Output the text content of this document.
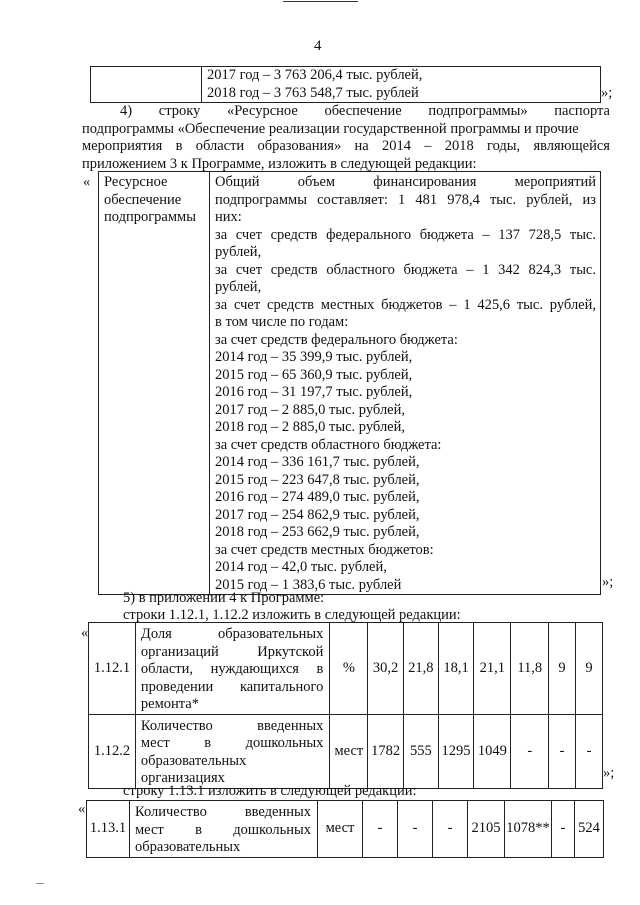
4

2017 год – 3 763 206,4 тыс. рублей,
2018 год – 3 763 548,7 тыс. рублей	»;
4) строку «Ресурсное обеспечение подпрограммы» паспорта
подпрограммы «Обеспечение реализации государственной программы и прочие
мероприятия в области образования» на 2014 – 2018 годы, являющейся
приложением 3 к Программе, изложить в следующей редакции:
« Ресурсное
обеспечение
подпрограммы

Общий объем финансирования мероприятий
подпрограммы составляет: 1 481 978,4 тыс. рублей, из
них:
за счет средств федерального бюджета – 137 728,5 тыс.
рублей,
за счет средств областного бюджета – 1 342 824,3 тыс.
рублей,
за счет средств местных бюджетов – 1 425,6 тыс. рублей,
в том числе по годам:
за счет средств федерального бюджета:
2014 год – 35 399,9 тыс. рублей,
2015 год – 65 360,9 тыс. рублей,
2016 год – 31 197,7 тыс. рублей,
2017 год – 2 885,0 тыс. рублей,
2018 год – 2 885,0 тыс. рублей,
за счет средств областного бюджета:
2014 год – 336 161,7 тыс. рублей,
2015 год – 223 647,8 тыс. рублей,
2016 год – 274 489,0 тыс. рублей,
2017 год – 254 862,9 тыс. рублей,
2018 год – 253 662,9 тыс. рублей,
за счет средств местных бюджетов:
2014 год – 42,0 тыс. рублей,
2015 год – 1 383,6 тыс. рублей	»;
5) в приложении 4 к Программе:
строки 1.12.1, 1.12.2 изложить в следующей редакции:
«
1.12.1	Доля образовательных
организаций Иркутской
области, нуждающихся в
проведении капитального
ремонта*	%	30,2	21,8	18,1	21,1	11,8	9	9
1.12.2	Количество введенных
мест в дошкольных
образовательных
организациях	мест	1782	555	1295	1049	-	-	-
»;
строку 1.13.1 изложить в следующей редакции:
«
1.13.1	
Количество введенных
мест в дошкольных
образовательных
	мест	-	-	-	2105	1078**	-	524
